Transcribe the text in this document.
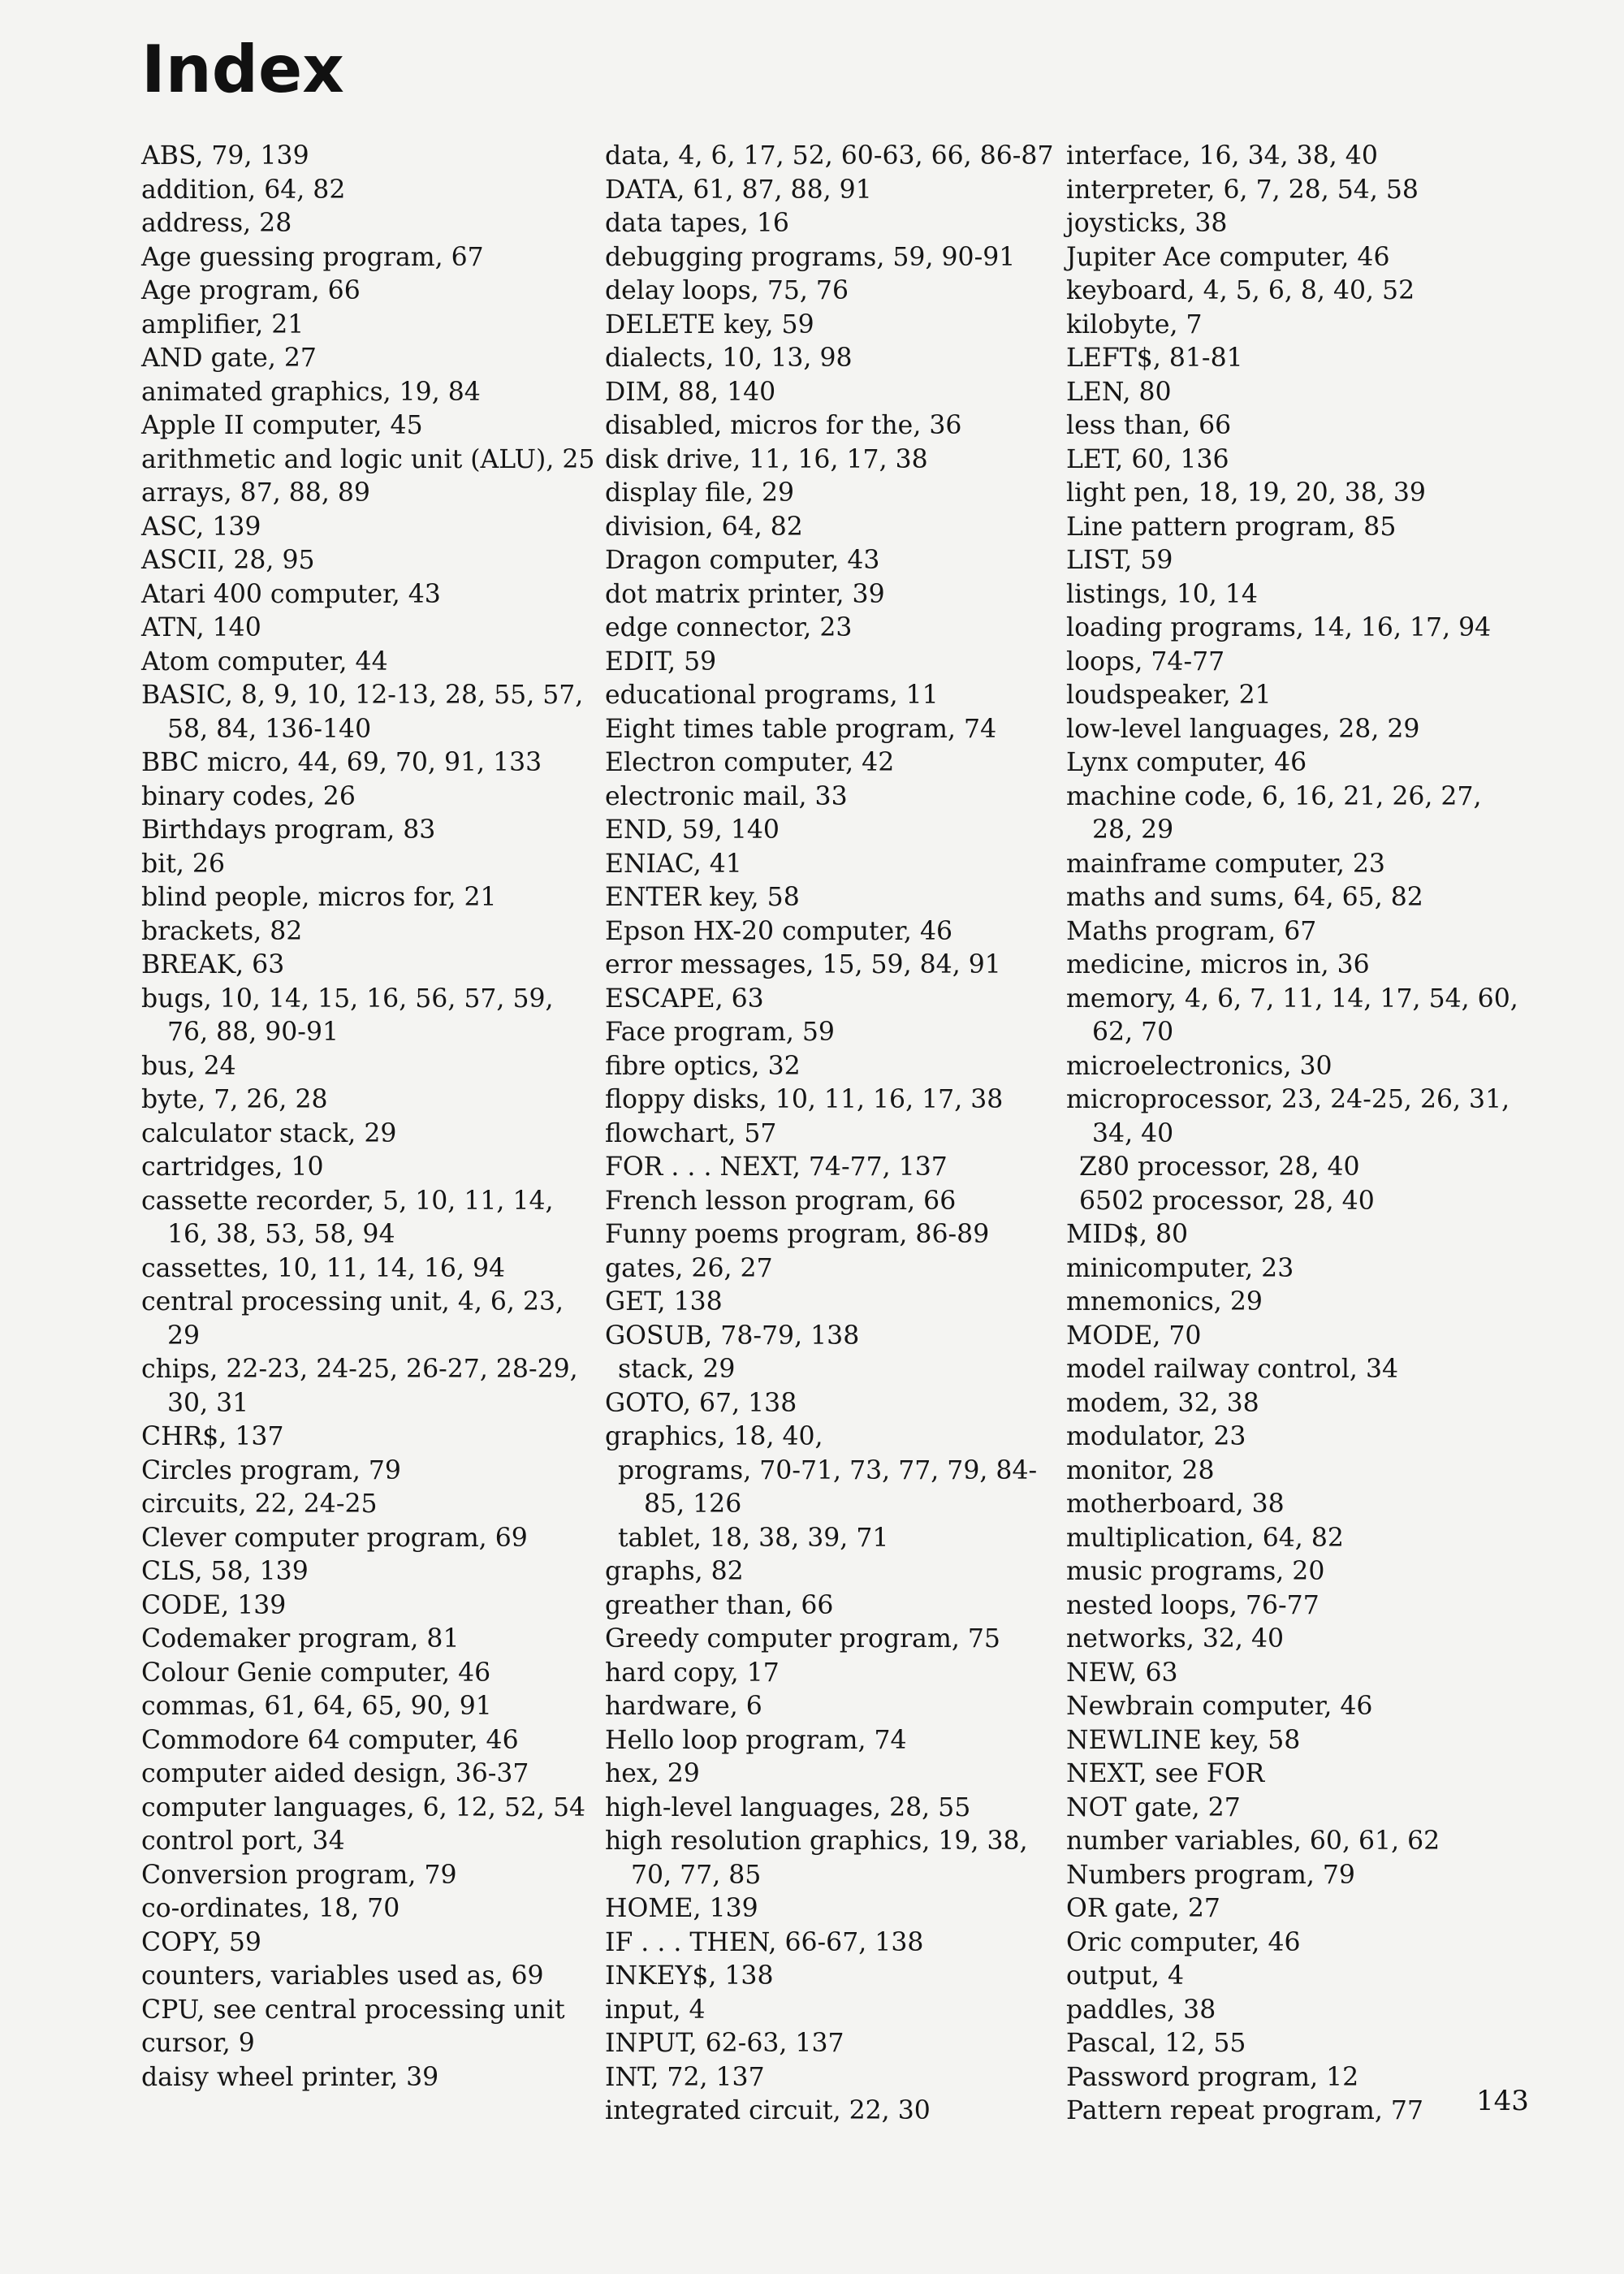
Index
ABS, 79, 139
addition, 64, 82
address, 28
Age guessing program, 67
Age program, 66
amplifier, 21
AND gate, 27
animated graphics, 19, 84
Apple II computer, 45
arithmetic and logic unit (ALU), 25
arrays, 87, 88, 89
ASC, 139
ASCII, 28, 95
Atari 400 computer, 43
ATN, 140
Atom computer, 44
BASIC, 8, 9, 10, 12-13, 28, 55, 57, 58, 84, 136-140
BBC micro, 44, 69, 70, 91, 133
binary codes, 26
Birthdays program, 83
bit, 26
blind people, micros for, 21
brackets, 82
BREAK, 63
bugs, 10, 14, 15, 16, 56, 57, 59, 76, 88, 90-91
bus, 24
byte, 7, 26, 28
calculator stack, 29
cartridges, 10
cassette recorder, 5, 10, 11, 14, 16, 38, 53, 58, 94
cassettes, 10, 11, 14, 16, 94
central processing unit, 4, 6, 23, 29
chips, 22-23, 24-25, 26-27, 28-29, 30, 31
CHR$, 137
Circles program, 79
circuits, 22, 24-25
Clever computer program, 69
CLS, 58, 139
CODE, 139
Codemaker program, 81
Colour Genie computer, 46
commas, 61, 64, 65, 90, 91
Commodore 64 computer, 46
computer aided design, 36-37
computer languages, 6, 12, 52, 54
control port, 34
Conversion program, 79
co-ordinates, 18, 70
COPY, 59
counters, variables used as, 69
CPU, see central processing unit
cursor, 9
daisy wheel printer, 39
data, 4, 6, 17, 52, 60-63, 66, 86-87
DATA, 61, 87, 88, 91
data tapes, 16
debugging programs, 59, 90-91
delay loops, 75, 76
DELETE key, 59
dialects, 10, 13, 98
DIM, 88, 140
disabled, micros for the, 36
disk drive, 11, 16, 17, 38
display file, 29
division, 64, 82
Dragon computer, 43
dot matrix printer, 39
edge connector, 23
EDIT, 59
educational programs, 11
Eight times table program, 74
Electron computer, 42
electronic mail, 33
END, 59, 140
ENIAC, 41
ENTER key, 58
Epson HX-20 computer, 46
error messages, 15, 59, 84, 91
ESCAPE, 63
Face program, 59
fibre optics, 32
floppy disks, 10, 11, 16, 17, 38
flowchart, 57
FOR . . . NEXT, 74-77, 137
French lesson program, 66
Funny poems program, 86-89
gates, 26, 27
GET, 138
GOSUB, 78-79, 138
stack, 29
GOTO, 67, 138
graphics, 18, 40,
programs, 70-71, 73, 77, 79, 84-85, 126
tablet, 18, 38, 39, 71
graphs, 82
greather than, 66
Greedy computer program, 75
hard copy, 17
hardware, 6
Hello loop program, 74
hex, 29
high-level languages, 28, 55
high resolution graphics, 19, 38, 70, 77, 85
HOME, 139
IF . . . THEN, 66-67, 138
INKEY$, 138
input, 4
INPUT, 62-63, 137
INT, 72, 137
integrated circuit, 22, 30
interface, 16, 34, 38, 40
interpreter, 6, 7, 28, 54, 58
joysticks, 38
Jupiter Ace computer, 46
keyboard, 4, 5, 6, 8, 40, 52
kilobyte, 7
LEFT$, 81-81
LEN, 80
less than, 66
LET, 60, 136
light pen, 18, 19, 20, 38, 39
Line pattern program, 85
LIST, 59
listings, 10, 14
loading programs, 14, 16, 17, 94
loops, 74-77
loudspeaker, 21
low-level languages, 28, 29
Lynx computer, 46
machine code, 6, 16, 21, 26, 27, 28, 29
mainframe computer, 23
maths and sums, 64, 65, 82
Maths program, 67
medicine, micros in, 36
memory, 4, 6, 7, 11, 14, 17, 54, 60, 62, 70
microelectronics, 30
microprocessor, 23, 24-25, 26, 31, 34, 40
Z80 processor, 28, 40
6502 processor, 28, 40
MID$, 80
minicomputer, 23
mnemonics, 29
MODE, 70
model railway control, 34
modem, 32, 38
modulator, 23
monitor, 28
motherboard, 38
multiplication, 64, 82
music programs, 20
nested loops, 76-77
networks, 32, 40
NEW, 63
Newbrain computer, 46
NEWLINE key, 58
NEXT, see FOR
NOT gate, 27
number variables, 60, 61, 62
Numbers program, 79
OR gate, 27
Oric computer, 46
output, 4
paddles, 38
Pascal, 12, 55
Password program, 12
Pattern repeat program, 77	143
